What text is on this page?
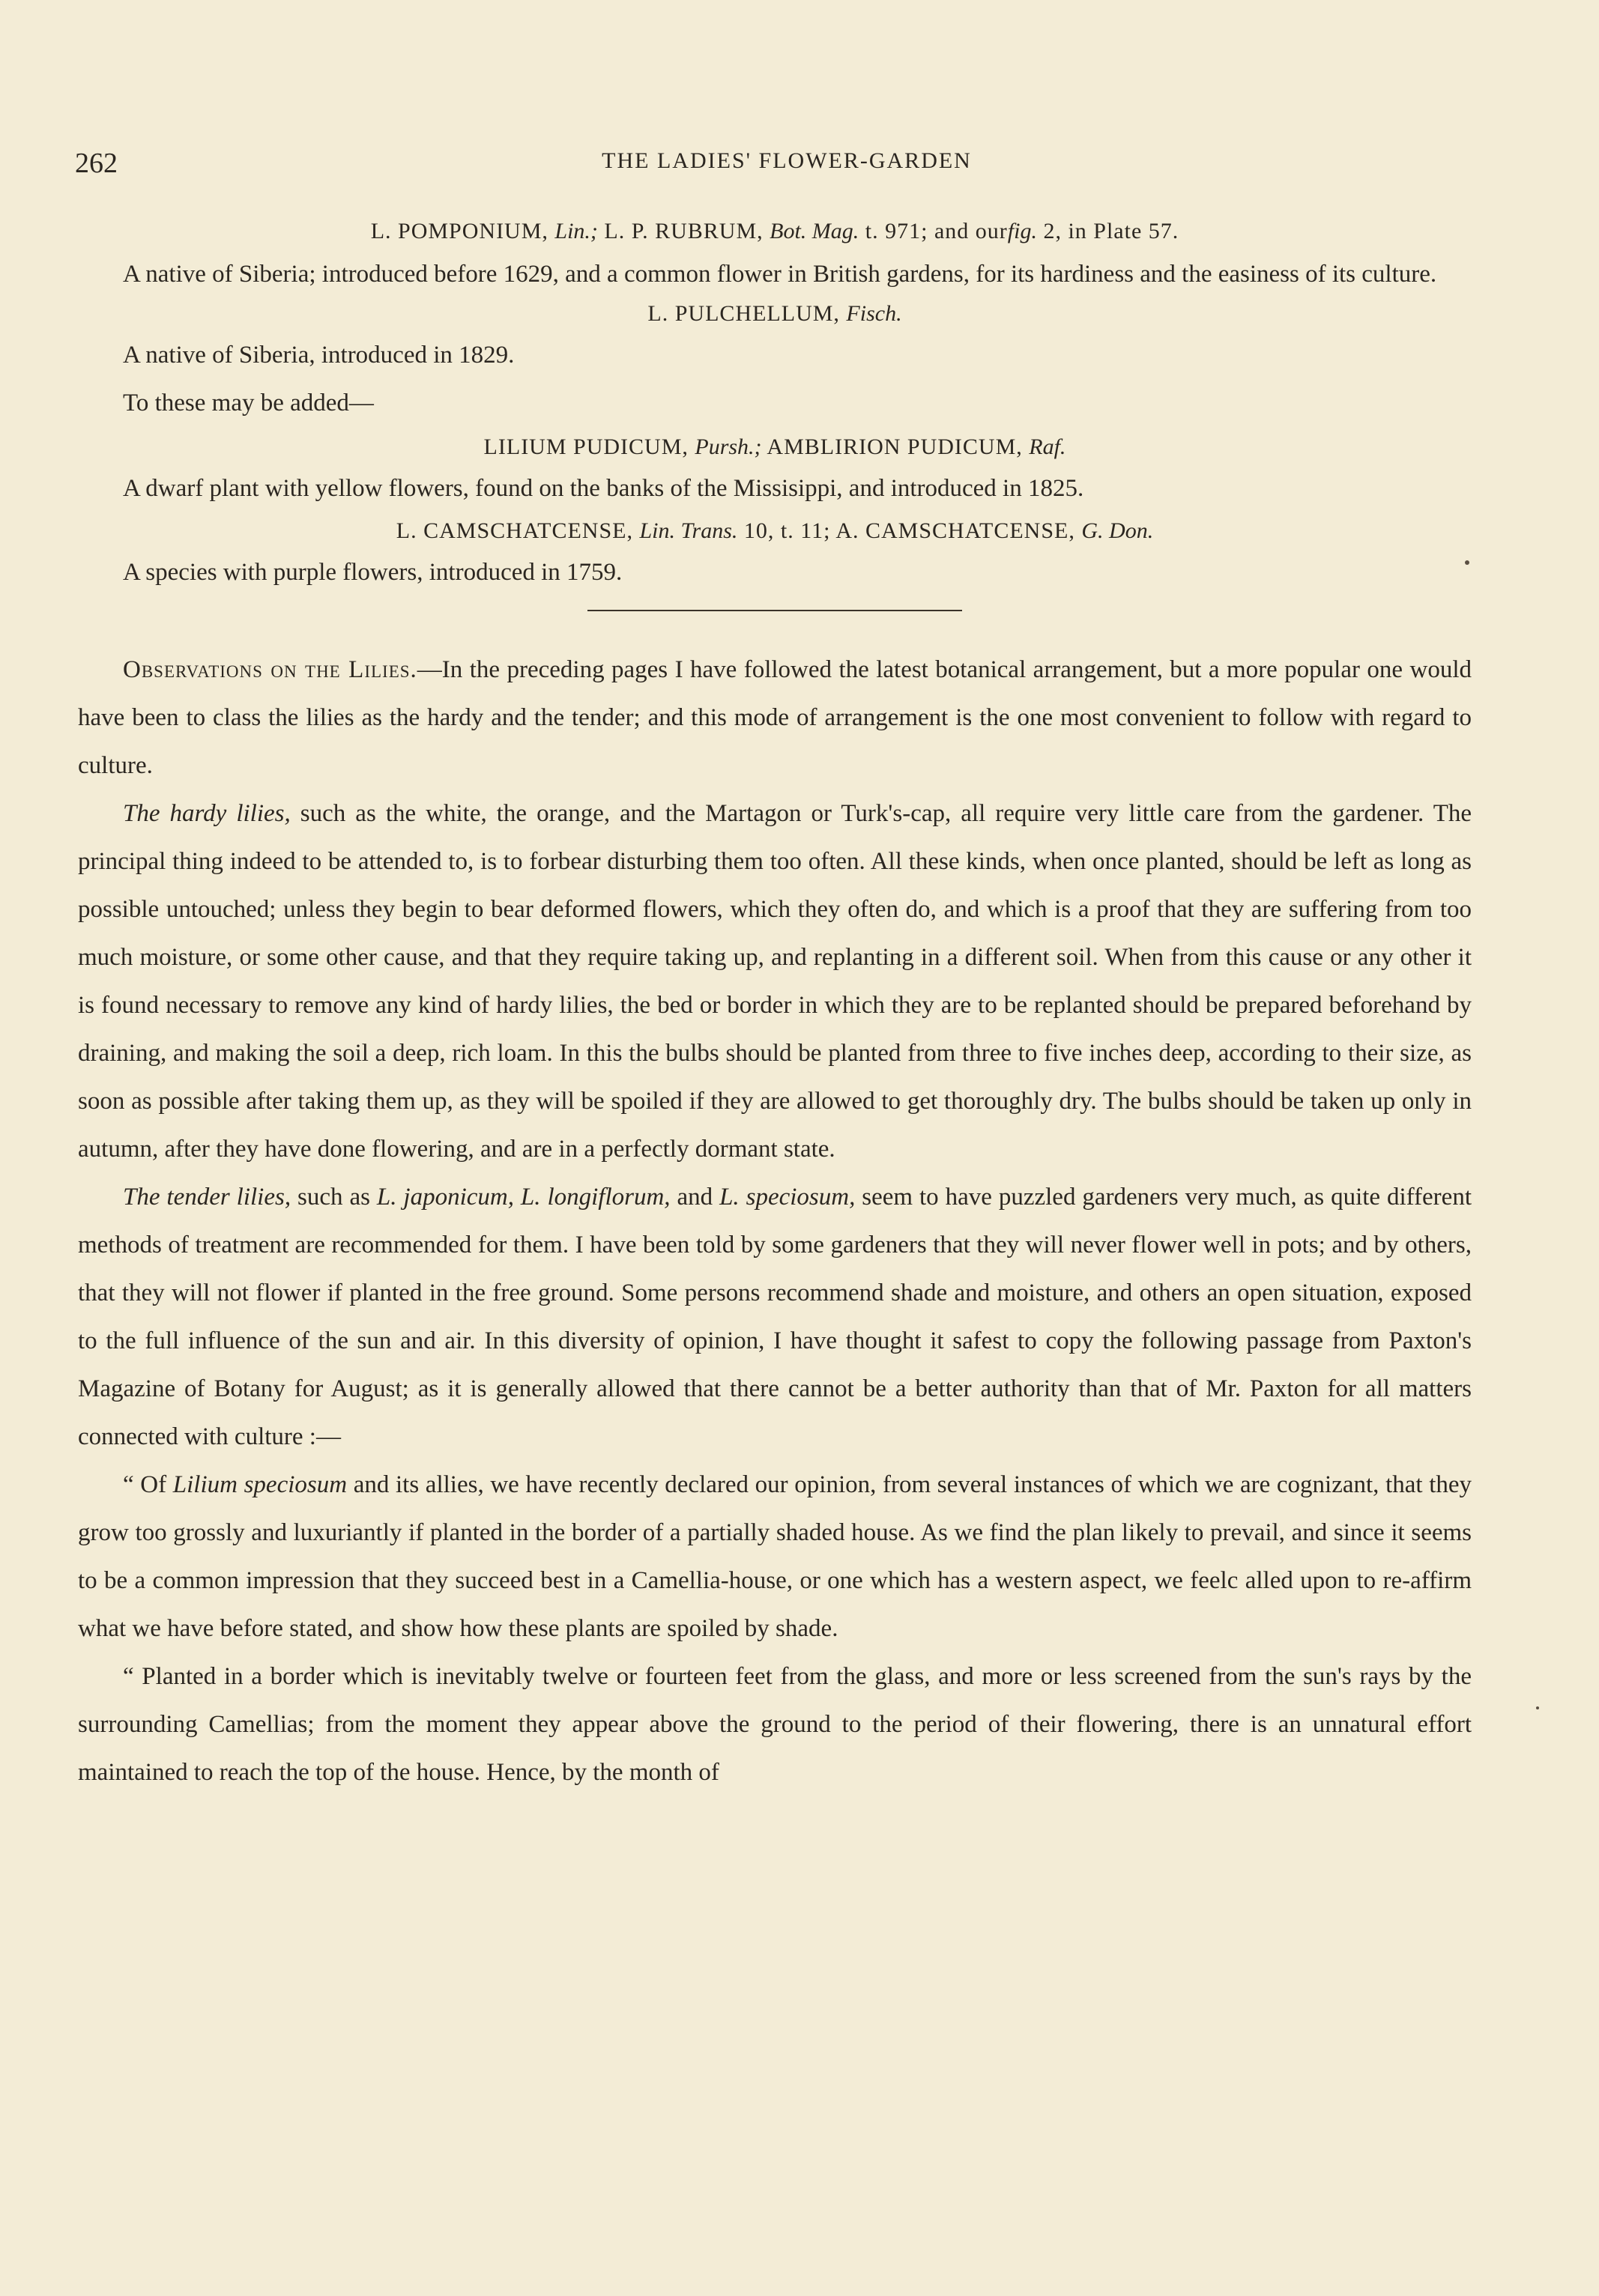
262	THE LADIES' FLOWER-GARDEN

L. POMPONIUM, Lin.; L. P. RUBRUM, Bot. Mag. t. 971; and ourfig. 2, in Plate 57.

A native of Siberia; introduced before 1629, and a common flower in British gardens, for its hardiness and the easiness of its culture.

L. PULCHELLUM, Fisch.

A native of Siberia, introduced in 1829.

To these may be added—

LILIUM PUDICUM, Pursh.; AMBLIRION PUDICUM, Raf.

A dwarf plant with yellow flowers, found on the banks of the Missisippi, and introduced in 1825.

L. CAMSCHATCENSE, Lin. Trans. 10, t. 11; A. CAMSCHATCENSE, G. Don.

A species with purple flowers, introduced in 1759.

Observations on the Lilies.—In the preceding pages I have followed the latest botanical arrangement, but a more popular one would have been to class the lilies as the hardy and the tender; and this mode of arrangement is the one most convenient to follow with regard to culture.

The hardy lilies, such as the white, the orange, and the Martagon or Turk's-cap, all require very little care from the gardener. The principal thing indeed to be attended to, is to forbear disturbing them too often. All these kinds, when once planted, should be left as long as possible untouched; unless they begin to bear deformed flowers, which they often do, and which is a proof that they are suffering from too much moisture, or some other cause, and that they require taking up, and replanting in a different soil. When from this cause or any other it is found necessary to remove any kind of hardy lilies, the bed or border in which they are to be replanted should be prepared beforehand by draining, and making the soil a deep, rich loam. In this the bulbs should be planted from three to five inches deep, according to their size, as soon as possible after taking them up, as they will be spoiled if they are allowed to get thoroughly dry. The bulbs should be taken up only in autumn, after they have done flowering, and are in a perfectly dormant state.

The tender lilies, such as L. japonicum, L. longiflorum, and L. speciosum, seem to have puzzled gardeners very much, as quite different methods of treatment are recommended for them. I have been told by some gardeners that they will never flower well in pots; and by others, that they will not flower if planted in the free ground. Some persons recommend shade and moisture, and others an open situation, exposed to the full influence of the sun and air. In this diversity of opinion, I have thought it safest to copy the following passage from Paxton's Magazine of Botany for August; as it is generally allowed that there cannot be a better authority than that of Mr. Paxton for all matters connected with culture :—

“ Of Lilium speciosum and its allies, we have recently declared our opinion, from several instances of which we are cognizant, that they grow too grossly and luxuriantly if planted in the border of a partially shaded house. As we find the plan likely to prevail, and since it seems to be a common impression that they succeed best in a Camellia-house, or one which has a western aspect, we feelc alled upon to re-affirm what we have before stated, and show how these plants are spoiled by shade.

“ Planted in a border which is inevitably twelve or fourteen feet from the glass, and more or less screened from the sun's rays by the surrounding Camellias; from the moment they appear above the ground to the period of their flowering, there is an unnatural effort maintained to reach the top of the house. Hence, by the month of
